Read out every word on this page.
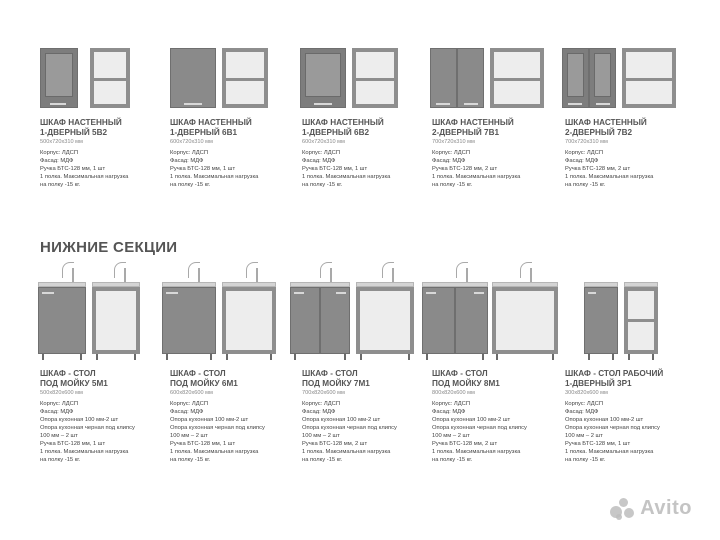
ШКАФ НАСТЕННЫЙ
1-ДВЕРНЫЙ 5В2
500x720x310 мм
Корпус: ЛДСП
Фасад: МДФ
Ручка БТС-128 мм, 1 шт
1 полка. Максимальная нагрузка
на полку -15 кг.
ШКАФ НАСТЕННЫЙ
1-ДВЕРНЫЙ 6В1
600x720x310 мм
Корпус: ЛДСП
Фасад: МДФ
Ручка БТС-128 мм, 1 шт
1 полка. Максимальная нагрузка
на полку -15 кг.
ШКАФ НАСТЕННЫЙ
1-ДВЕРНЫЙ 6В2
600x720x310 мм
Корпус: ЛДСП
Фасад: МДФ
Ручка БТС-128 мм, 1 шт
1 полка. Максимальная нагрузка
на полку -15 кг.
ШКАФ НАСТЕННЫЙ
2-ДВЕРНЫЙ 7В1
700x720x310 мм
Корпус: ЛДСП
Фасад: МДФ
Ручка БТС-128 мм, 2 шт
1 полка. Максимальная нагрузка
на полку -15 кг.
ШКАФ НАСТЕННЫЙ
2-ДВЕРНЫЙ 7В2
700x720x310 мм
Корпус: ЛДСП
Фасад: МДФ
Ручка БТС-128 мм, 2 шт
1 полка. Максимальная нагрузка
на полку -15 кг.
НИЖНИЕ СЕКЦИИ
ШКАФ - СТОЛ
ПОД МОЙКУ 5М1
500x820x600 мм
Корпус: ЛДСП
Фасад: МДФ
Опора кухонная 100 мм-2 шт
Опора кухонная черная под клипсу
100 мм – 2 шт
Ручка БТС-128 мм, 1 шт
1 полка. Максимальная нагрузка
на полку -15 кг.
ШКАФ - СТОЛ
ПОД МОЙКУ 6М1
600x820x600 мм
Корпус: ЛДСП
Фасад: МДФ
Опора кухонная 100 мм-2 шт
Опора кухонная черная под клипсу
100 мм – 2 шт
Ручка БТС-128 мм, 1 шт
1 полка. Максимальная нагрузка
на полку -15 кг.
ШКАФ - СТОЛ
ПОД МОЙКУ 7М1
700x820x600 мм
Корпус: ЛДСП
Фасад: МДФ
Опора кухонная 100 мм-2 шт
Опора кухонная черная под клипсу
100 мм – 2 шт
Ручка БТС-128 мм, 2 шт
1 полка. Максимальная нагрузка
на полку -15 кг.
ШКАФ - СТОЛ
ПОД МОЙКУ 8М1
800x820x600 мм
Корпус: ЛДСП
Фасад: МДФ
Опора кухонная 100 мм-2 шт
Опора кухонная черная под клипсу
100 мм – 2 шт
Ручка БТС-128 мм, 2 шт
1 полка. Максимальная нагрузка
на полку -15 кг.
ШКАФ - СТОЛ РАБОЧИЙ
1-ДВЕРНЫЙ 3Р1
300x820x600 мм
Корпус: ЛДСП
Фасад: МДФ
Опора кухонная 100 мм-2 шт
Опора кухонная черная под клипсу
100 мм – 2 шт
Ручка БТС-128 мм, 1 шт
1 полка. Максимальная нагрузка
на полку -15 кг.
Avito
